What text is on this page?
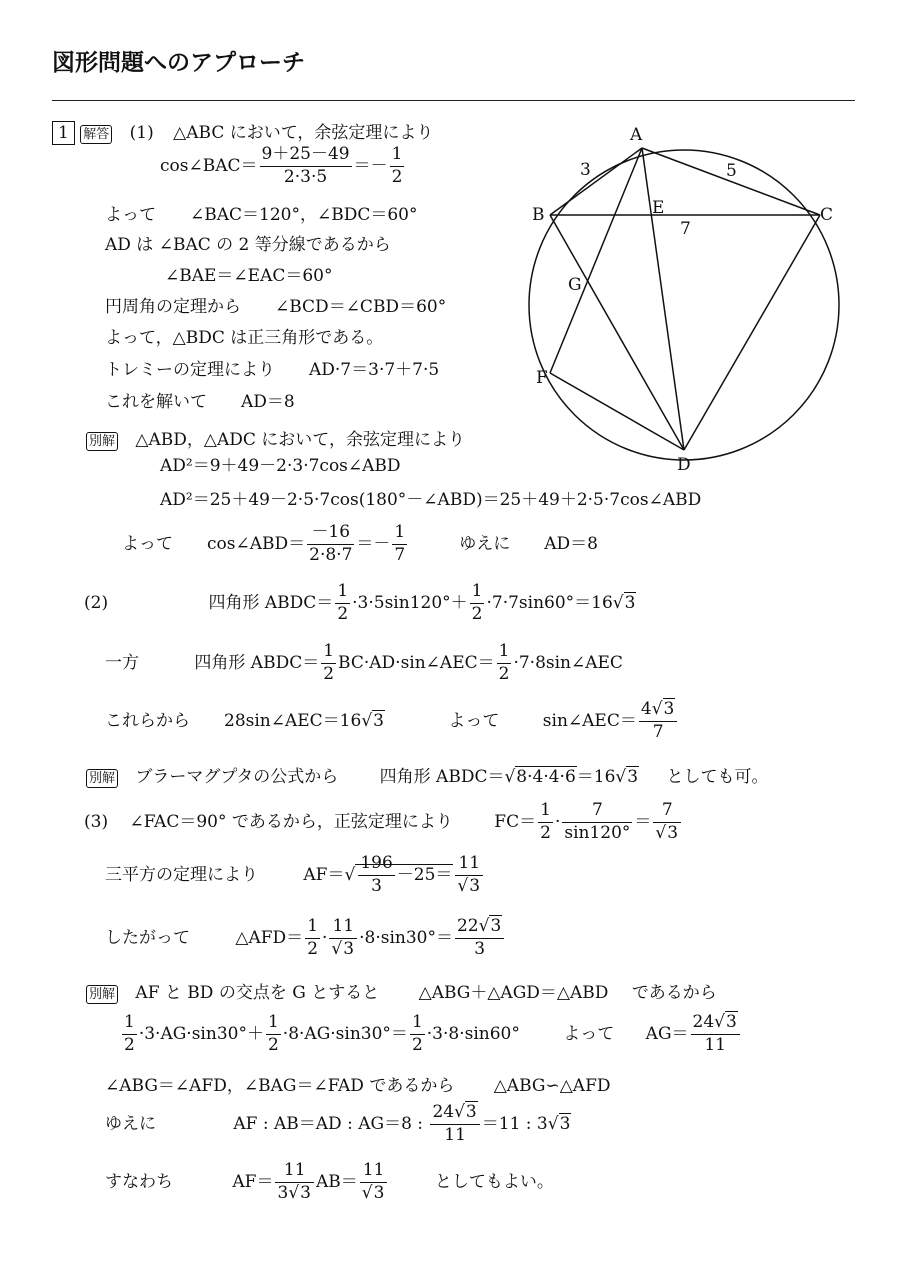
図形問題へのアプローチ
A
B	C
D
E
F
G
3	5
7
1 解答 (1) △ABC において，余弦定理により
cos∠BAC＝ $\frac{9+25-49}{2\cdot 3\cdot 5} =- \frac{1}{2}$
よって　　∠BAC＝120°，∠BDC＝60°
AD は ∠BAC の 2 等分線であるから
∠BAE＝∠EAC＝60°
円周角の定理から　　∠BCD＝∠CBD＝60°
よって，△BDC は正三角形である。
トレミーの定理により　　AD·7＝3·7＋7·5
これを解いて　　AD＝8
別解 △ABD，△ADC において，余弦定理により
AD²＝9＋49－2·3·7cos∠ABD
AD²＝25＋49－2·5·7cos(180°－∠ABD)＝25＋49＋2·5·7cos∠ABD
よって　　cos∠ABD＝ $\frac{-16}{2\cdot 8\cdot 7} =- \frac{1}{7}$	ゆえに　　AD＝8
(2)	四角形 ABDC＝ $\frac{1}{2} \cdot 3\cdot 5\sin 120^\circ+ \frac{1}{2} \cdot 7\cdot 7\sin 60^\circ=16√3$
一方	四角形 ABDC＝ $\frac{1}{2}$ BC·AD·sin∠AEC＝ $\frac{1}{2}$ ·7·8sin∠AEC
これらから　　28sin∠AEC＝16√3	よって	sin∠AEC＝ $\frac{4√3}{7}$
別解 ブラーマグプタの公式から 四角形 ABDC＝√8·4·4·6＝16√3 としても可。
(3) ∠FAC＝90° であるから，正弦定理により $FC= \frac{1}{2} \cdot \frac{7}{\sin 120^\circ} = \frac{7}{√3}$
三平方の定理により	$AF=√ \frac{196}{3} -25= \frac{11}{√3}$
したがって	△AFD＝ $\frac{1}{2} \cdot \frac{11}{√3} \cdot 8\cdot\sin 30^\circ= \frac{22√3}{3}$
別解 AF と BD の交点を G とすると △ABG＋△AGD＝△ABD であるから
$\frac{1}{2} \cdot 3\cdot AG\cdot\sin 30^\circ+ \frac{1}{2} \cdot 8\cdot AG\cdot\sin 30^\circ= \frac{1}{2} \cdot 3\cdot 8\cdot\sin 60^\circ$	よって $AG= \frac{24√3}{11}$
∠ABG＝∠AFD，∠BAG＝∠FAD であるから △ABG∽△AFD
ゆえに	AF : AB＝AD : AG＝8 : $\frac{24√3}{11} =11$ : 3√3
すなわち	$AF= \frac{11}{3√3} AB= \frac{11}{√3}$	としてもよい。
